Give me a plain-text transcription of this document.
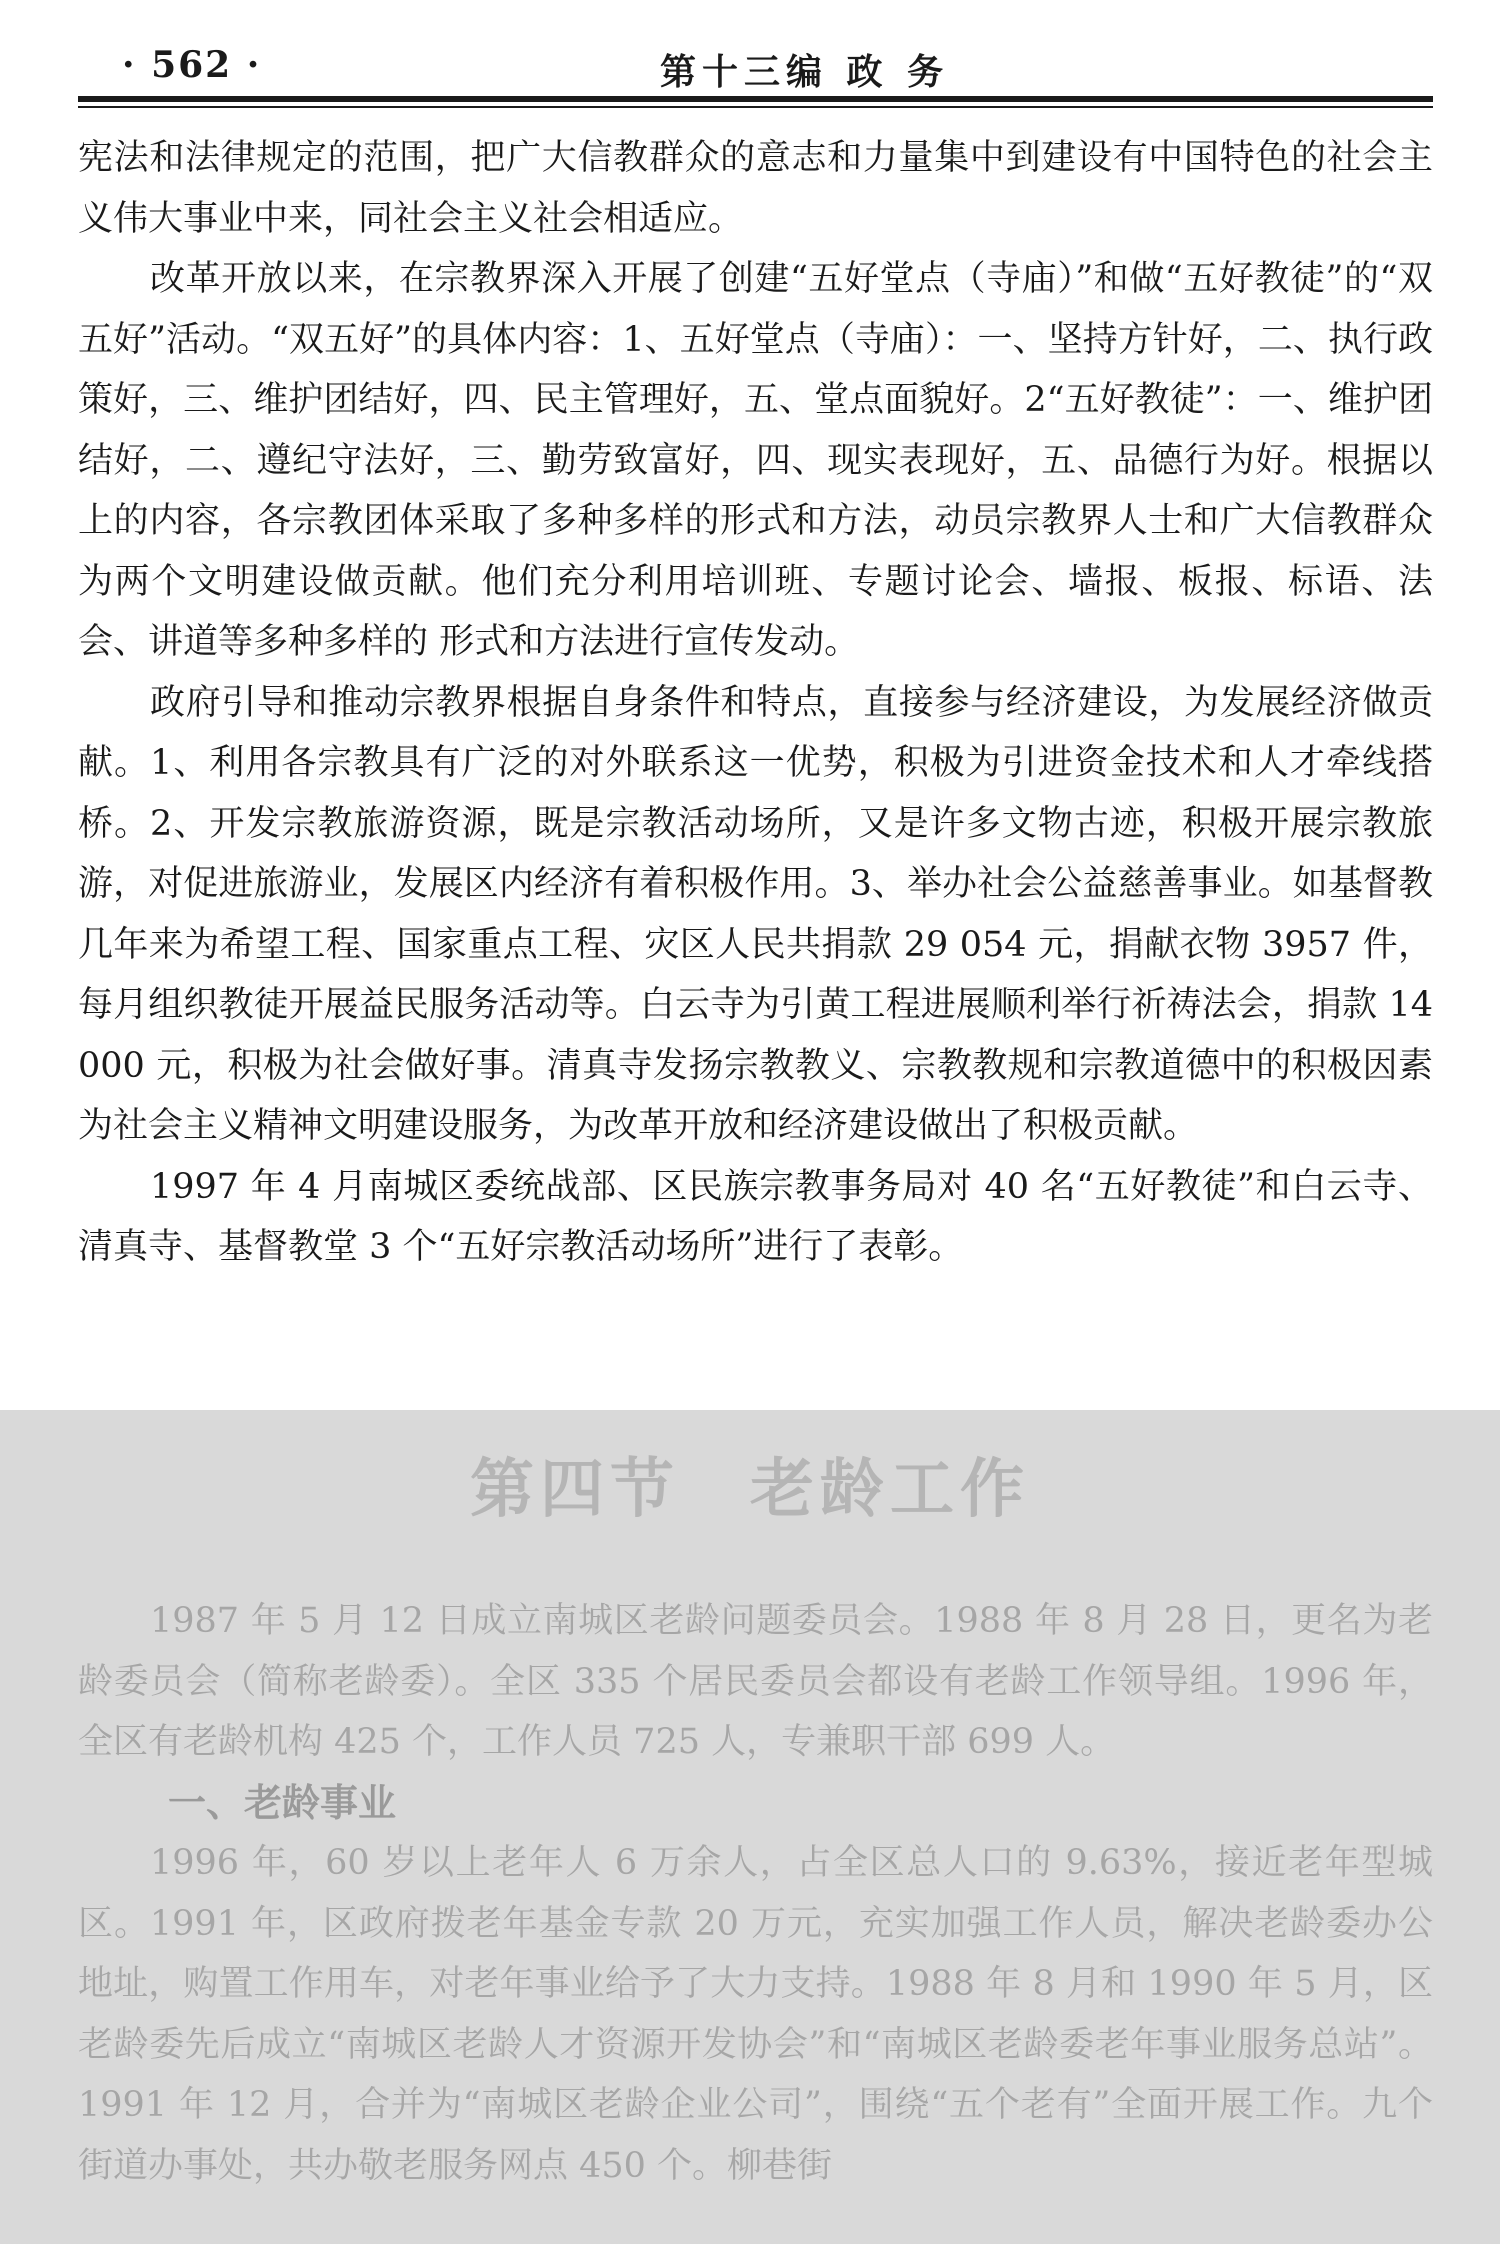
· 562 ·	第十三编 政 务

宪法和法律规定的范围，把广大信教群众的意志和力量集中到建设有中国特色的社会主义伟大事业中来，同社会主义社会相适应。

改革开放以来，在宗教界深入开展了创建“五好堂点（寺庙）”和做“五好教徒”的“双五好”活动。“双五好”的具体内容：1、五好堂点（寺庙）：一、坚持方针好，二、执行政策好，三、维护团结好，四、民主管理好，五、堂点面貌好。2“五好教徒”：一、维护团结好，二、遵纪守法好，三、勤劳致富好，四、现实表现好，五、品德行为好。根据以上的内容，各宗教团体采取了多种多样的形式和方法，动员宗教界人士和广大信教群众为两个文明建设做贡献。他们充分利用培训班、专题讨论会、墙报、板报、标语、法会、讲道等多种多样的 形式和方法进行宣传发动。

政府引导和推动宗教界根据自身条件和特点，直接参与经济建设，为发展经济做贡献。1、利用各宗教具有广泛的对外联系这一优势，积极为引进资金技术和人才牵线搭桥。2、开发宗教旅游资源，既是宗教活动场所，又是许多文物古迹，积极开展宗教旅游，对促进旅游业，发展区内经济有着积极作用。3、举办社会公益慈善事业。如基督教几年来为希望工程、国家重点工程、灾区人民共捐款 29 054 元，捐献衣物 3957 件，每月组织教徒开展益民服务活动等。白云寺为引黄工程进展顺利举行祈祷法会，捐款 14 000 元，积极为社会做好事。清真寺发扬宗教教义、宗教教规和宗教道德中的积极因素为社会主义精神文明建设服务，为改革开放和经济建设做出了积极贡献。

1997 年 4 月南城区委统战部、区民族宗教事务局对 40 名“五好教徒”和白云寺、清真寺、基督教堂 3 个“五好宗教活动场所”进行了表彰。

第四节　老龄工作

1987 年 5 月 12 日成立南城区老龄问题委员会。1988 年 8 月 28 日，更名为老龄委员会（简称老龄委）。全区 335 个居民委员会都设有老龄工作领导组。1996 年，全区有老龄机构 425 个，工作人员 725 人，专兼职干部 699 人。

一、老龄事业

1996 年，60 岁以上老年人 6 万余人，占全区总人口的 9.63%，接近老年型城区。1991 年，区政府拨老年基金专款 20 万元，充实加强工作人员，解决老龄委办公地址，购置工作用车，对老年事业给予了大力支持。1988 年 8 月和 1990 年 5 月，区老龄委先后成立“南城区老龄人才资源开发协会”和“南城区老龄委老年事业服务总站”。1991 年 12 月，合并为“南城区老龄企业公司”，围绕“五个老有”全面开展工作。九个街道办事处，共办敬老服务网点 450 个。柳巷街
